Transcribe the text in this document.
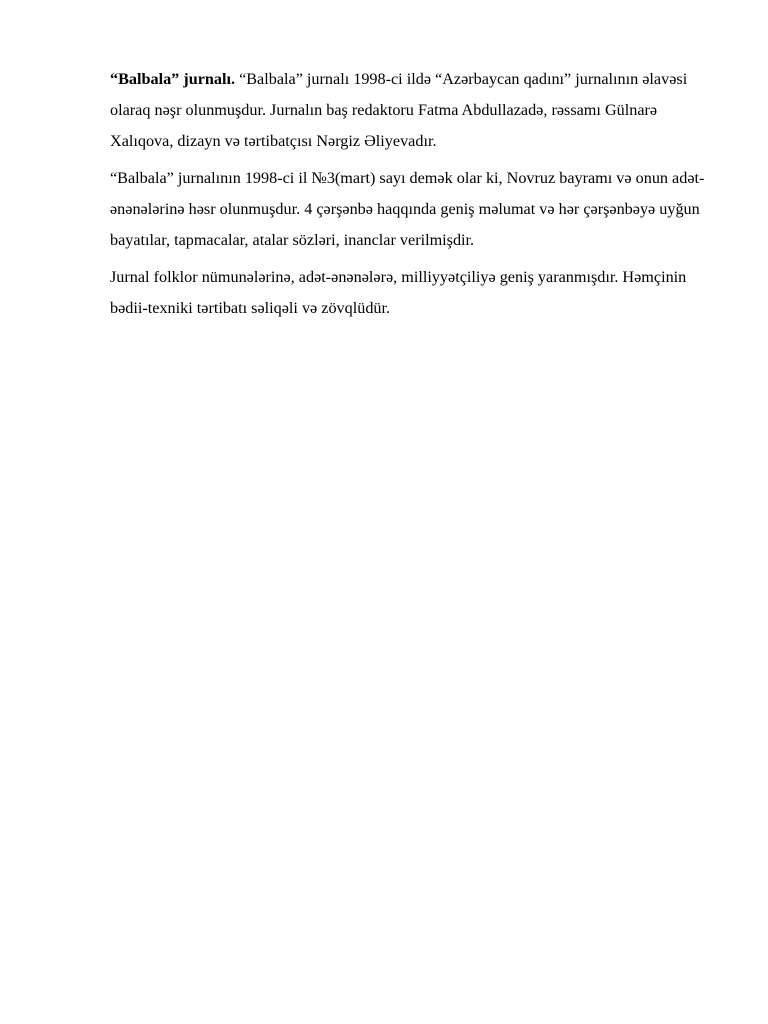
“Balbala” jurnalı. “Balbala” jurnalı 1998-ci ildə “Azərbaycan qadını” jurnalının əlavəsi olaraq nəşr olunmuşdur. Jurnalın baş redaktoru Fatma Abdullazadə, rəssamı Gülnarə Xalıqova, dizayn və tərtibatçısı Nərgiz Əliyevadır.

“Balbala” jurnalının 1998-ci il №3(mart) sayı demək olar ki, Novruz bayramı və onun adət-ənənələrinə həsr olunmuşdur. 4 çərşənbə haqqında geniş məlumat və hər çərşənbəyə uyğun bayatılar, tapmacalar, atalar sözləri, inanclar verilmişdir.

Jurnal folklor nümunələrinə, adət-ənənələrə, milliyyətçiliyə geniş yaranmışdır. Həmçinin bədii-texniki tərtibatı səliqəli və zövqlüdür.
